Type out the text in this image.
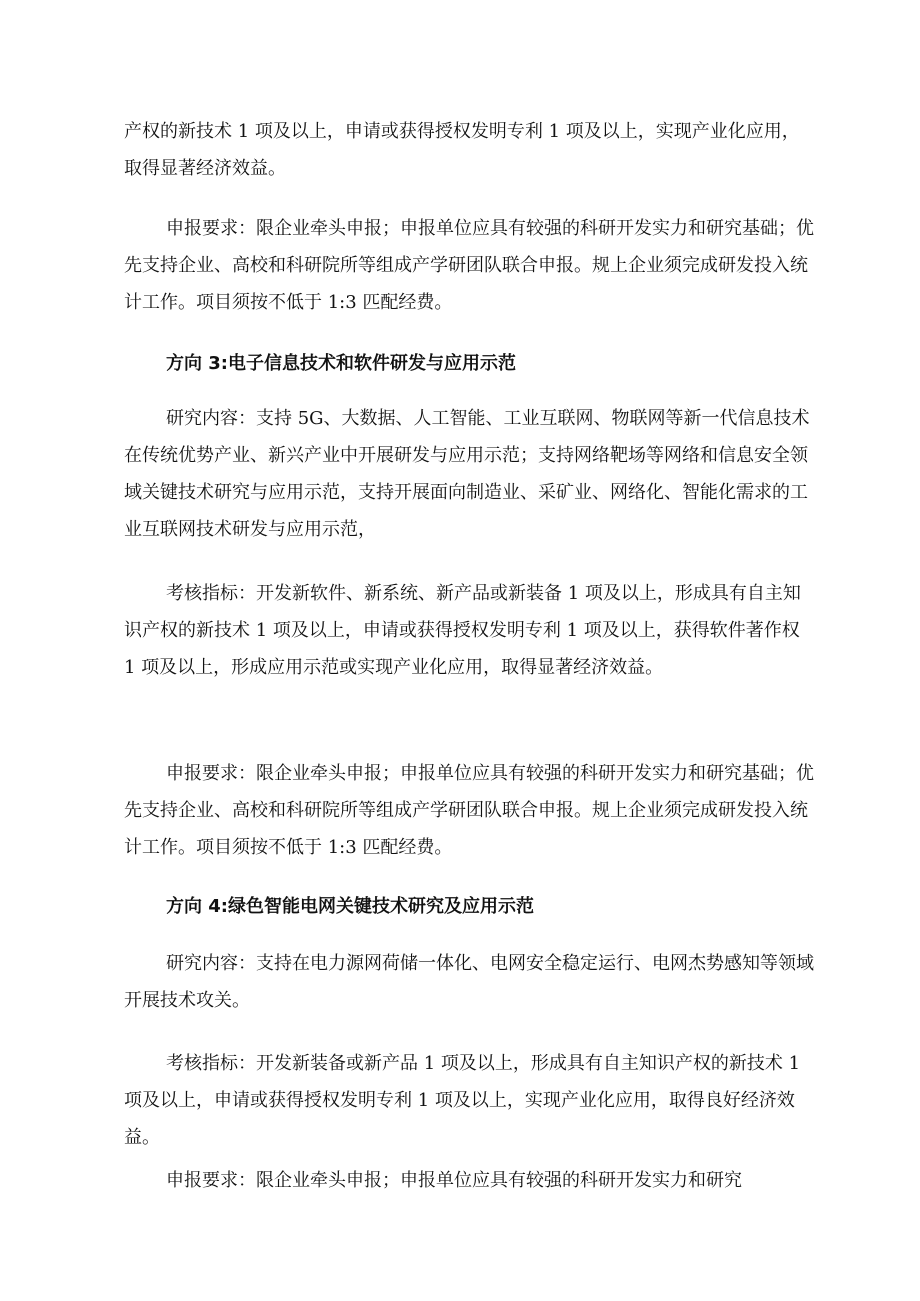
产权的新技术 1 项及以上，申请或获得授权发明专利 1 项及以上，实现产业化应用，取得显著经济效益。

申报要求：限企业牵头申报；申报单位应具有较强的科研开发实力和研究基础；优先支持企业、高校和科研院所等组成产学研团队联合申报。规上企业须完成研发投入统计工作。项目须按不低于 1:3 匹配经费。

方向 3:电子信息技术和软件研发与应用示范

研究内容：支持 5G、大数据、人工智能、工业互联网、物联网等新一代信息技术在传统优势产业、新兴产业中开展研发与应用示范；支持网络靶场等网络和信息安全领域关键技术研究与应用示范，支持开展面向制造业、采矿业、网络化、智能化需求的工业互联网技术研发与应用示范，

考核指标：开发新软件、新系统、新产品或新装备 1 项及以上，形成具有自主知识产权的新技术 1 项及以上，申请或获得授权发明专利 1 项及以上，获得软件著作权 1 项及以上，形成应用示范或实现产业化应用，取得显著经济效益。

申报要求：限企业牵头申报；申报单位应具有较强的科研开发实力和研究基础；优先支持企业、高校和科研院所等组成产学研团队联合申报。规上企业须完成研发投入统计工作。项目须按不低于 1:3 匹配经费。

方向 4:绿色智能电网关键技术研究及应用示范

研究内容：支持在电力源网荷储一体化、电网安全稳定运行、电网杰势感知等领域开展技术攻关。

考核指标：开发新装备或新产品 1 项及以上，形成具有自主知识产权的新技术 1 项及以上，申请或获得授权发明专利 1 项及以上，实现产业化应用，取得良好经济效益。

申报要求：限企业牵头申报；申报单位应具有较强的科研开发实力和研究
